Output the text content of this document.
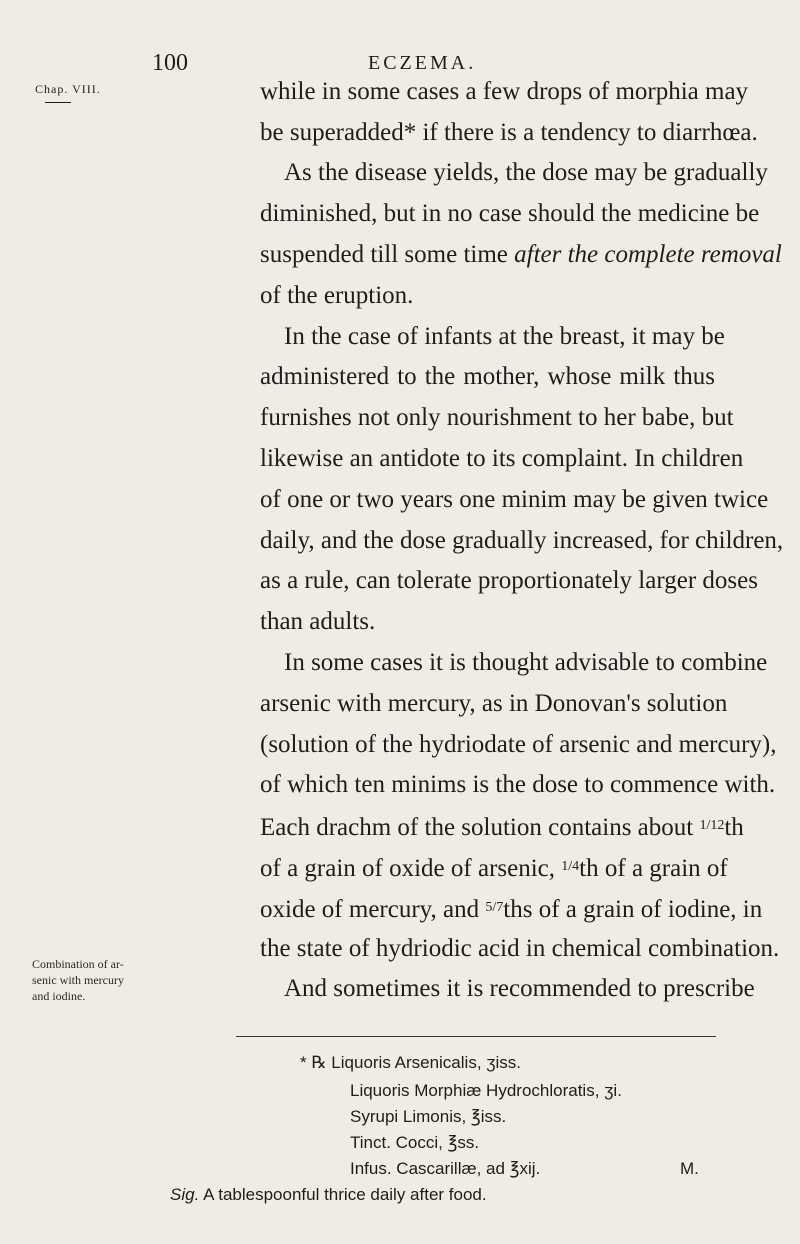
100	ECZEMA.
Chap. VIII.
Combination of ar-
senic with mercury
and iodine.
while in some cases a few drops of morphia may
be superadded* if there is a tendency to diarrhœa.
As the disease yields, the dose may be gradually
diminished, but in no case should the medicine be
suspended till some time after the complete removal
of the eruption.
In the case of infants at the breast, it may be
administered to the mother, whose milk thus
furnishes not only nourishment to her babe, but
likewise an antidote to its complaint. In children
of one or two years one minim may be given twice
daily, and the dose gradually increased, for children,
as a rule, can tolerate proportionately larger doses
than adults.
In some cases it is thought advisable to combine
arsenic with mercury, as in Donovan's solution
(solution of the hydriodate of arsenic and mercury),
of which ten minims is the dose to commence with.
Each drachm of the solution contains about $^{1/12}$th
of a grain of oxide of arsenic, $^{1/4}$th of a grain of
oxide of mercury, and $^{5/7}$ths of a grain of iodine, in
the state of hydriodic acid in chemical combination.
And sometimes it is recommended to prescribe
* ℞ Liquoris Arsenicalis, ʒiss.
Liquoris Morphiæ Hydrochloratis, ʒi.
Syrupi Limonis, ℥iss.
Tinct. Cocci, ℥ss.
Infus. Cascarillæ, ad ℥xij.	M.
Sig. A tablespoonful thrice daily after food.
